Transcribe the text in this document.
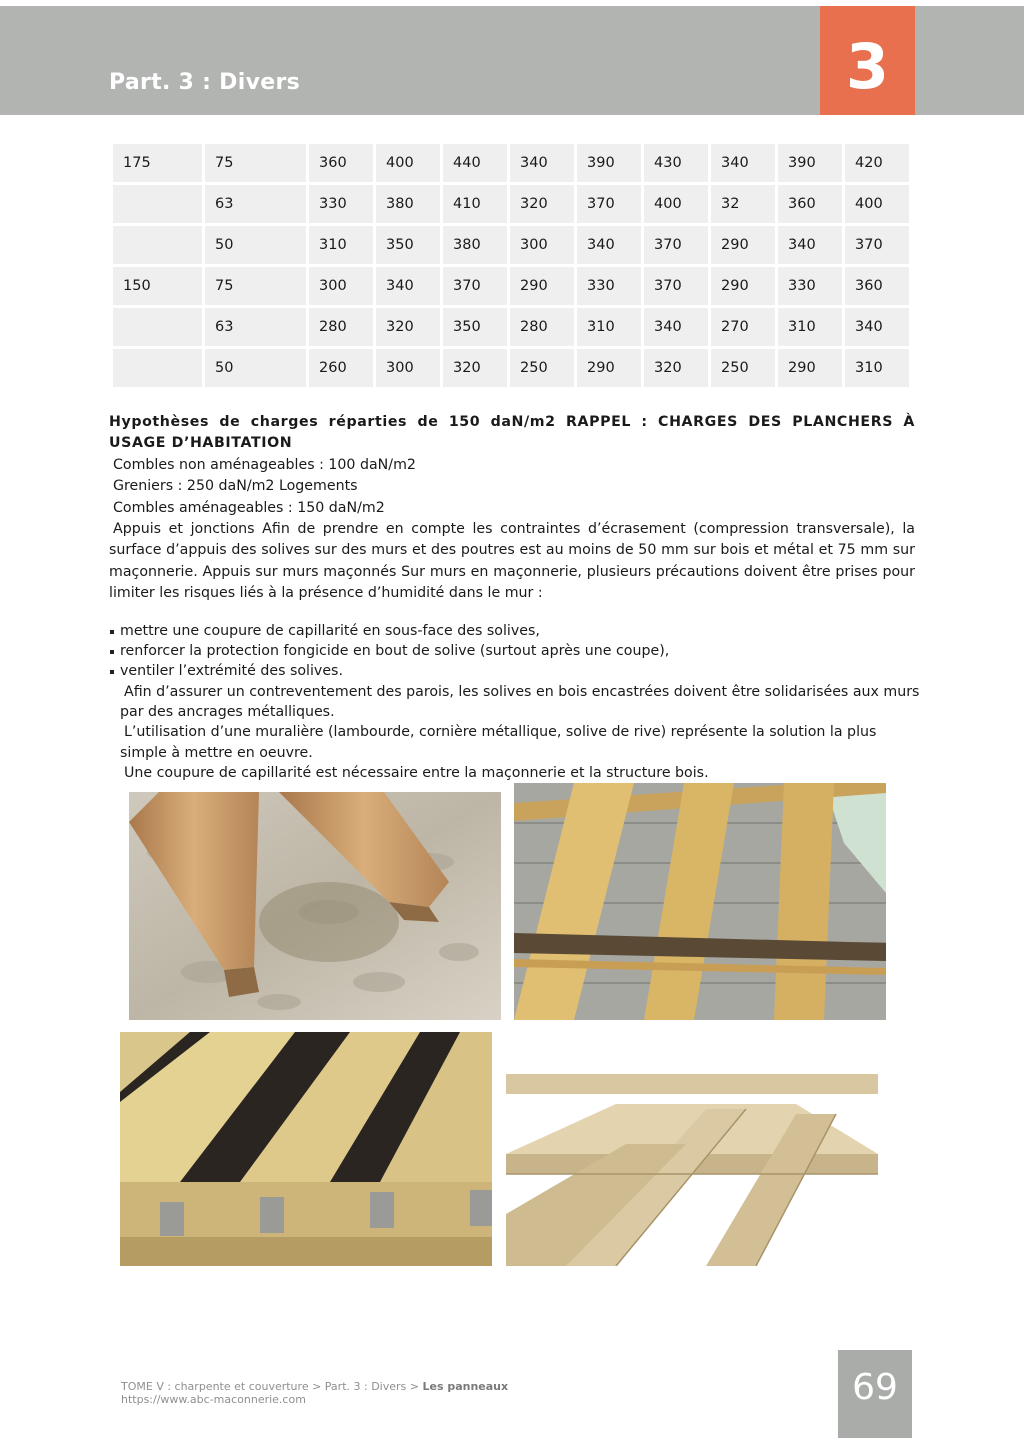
Part. 3 : Divers	3
175	75	360	400	440	340	390	430	340	390	420
	63	330	380	410	320	370	400	32	360	400
	50	310	350	380	300	340	370	290	340	370
150	75	300	340	370	290	330	370	290	330	360
	63	280	320	350	280	310	340	270	310	340
	50	260	300	320	250	290	320	250	290	310

Hypothèses de charges réparties de 150 daN/m2 RAPPEL : CHARGES DES PLANCHERS À USAGE D’HABITATION

Combles non aménageables : 100 daN/m2

Greniers : 250 daN/m2 Logements

Combles aménageables : 150 daN/m2

Appuis et jonctions Afin de prendre en compte les contraintes d’écrasement (compression transversale), la surface d’appuis des solives sur des murs et des poutres est au moins de 50 mm sur bois et métal et 75 mm sur maçonnerie. Appuis sur murs maçonnés Sur murs en maçonnerie, plusieurs précautions doivent être prises pour limiter les risques liés à la présence d’humidité dans le mur :

mettre une coupure de capillarité en sous-face des solives,
renforcer la protection fongicide en bout de solive (surtout après une coupe),
ventiler l’extrémité des solives.

Afin d’assurer un contreventement des parois, les solives en bois encastrées doivent être solidarisées aux murs par des ancrages métalliques.

L’utilisation d’une muralière (lambourde, cornière métallique, solive de rive) représente la solution la plus simple à mettre en oeuvre.

Une coupure de capillarité est nécessaire entre la maçonnerie et la structure bois.

TOME V : charpente et couverture > Part. 3 : Divers > Les panneaux
https://www.abc-maconnerie.com	69
